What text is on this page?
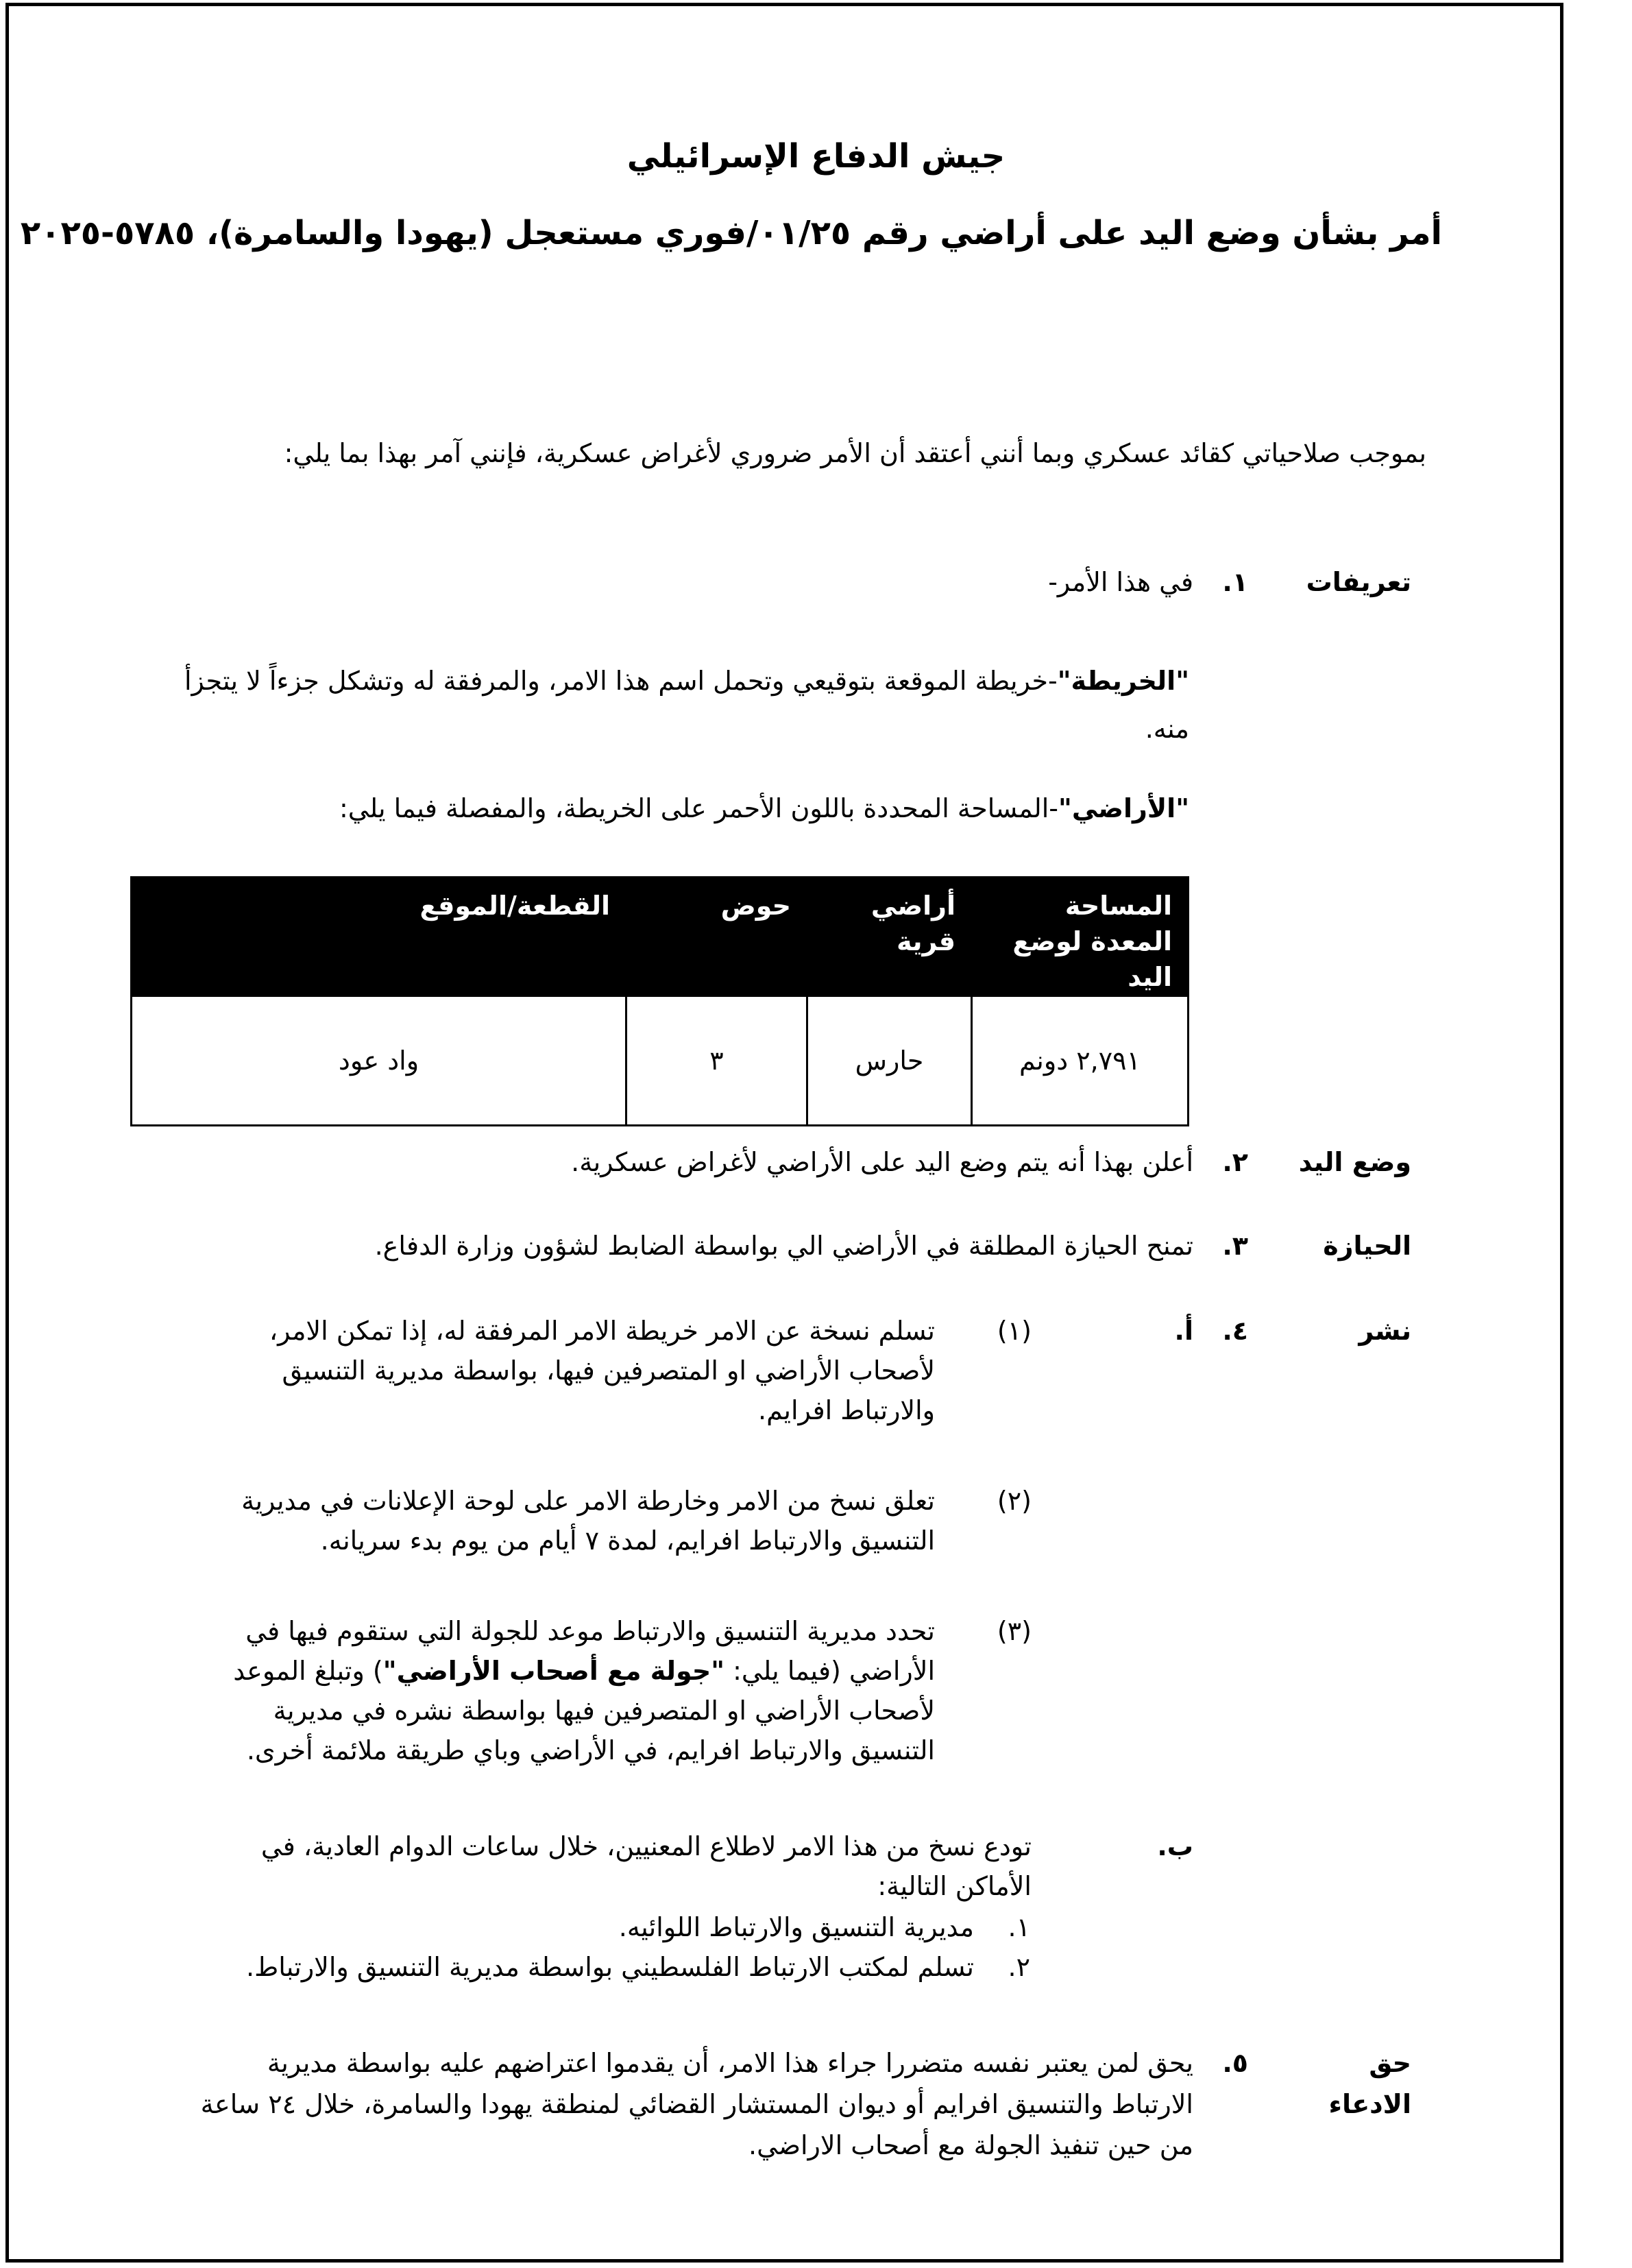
جيش الدفاع الإسرائيلي
أمر بشأن وضع اليد على أراضي رقم ٠١/٢٥/فوري مستعجل (يهودا والسامرة)، ٥٧٨٥-٢٠٢٥
بموجب صلاحياتي كقائد عسكري وبما أنني أعتقد أن الأمر ضروري لأغراض عسكرية، فإنني آمر بهذا بما يلي:
تعريفات
١.
في هذا الأمر-
"الخريطة"-خريطة الموقعة بتوقيعي وتحمل اسم هذا الامر، والمرفقة له وتشكل جزءاً لا يتجزأ
منه.
"الأراضي"-المساحة المحددة باللون الأحمر على الخريطة، والمفصلة فيما يلي:
المساحة المعدة لوضع اليد	أراضي قرية	حوض	القطعة/الموقع
٢,٧٩١ دونم	حارس	٣	واد عود
وضع اليد
٢.
أعلن بهذا أنه يتم وضع اليد على الأراضي لأغراض عسكرية.
الحيازة
٣.
تمنح الحيازة المطلقة في الأراضي الي بواسطة الضابط لشؤون وزارة الدفاع.
نشر
٤.
أ.
(١)
تسلم نسخة عن الامر خريطة الامر المرفقة له، إذا تمكن الامر،
لأصحاب الأراضي او المتصرفين فيها، بواسطة مديرية التنسيق
والارتباط افرايم.
(٢)
تعلق نسخ من الامر وخارطة الامر على لوحة الإعلانات في مديرية
التنسيق والارتباط افرايم، لمدة ٧ أيام من يوم بدء سريانه.
(٣)
تحدد مديرية التنسيق والارتباط موعد للجولة التي ستقوم فيها في
الأراضي (فيما يلي: "جولة مع أصحاب الأراضي") وتبلغ الموعد
لأصحاب الأراضي او المتصرفين فيها بواسطة نشره في مديرية
التنسيق والارتباط افرايم، في الأراضي وباي طريقة ملائمة أخرى.
ب.
تودع نسخ من هذا الامر لاطلاع المعنيين، خلال ساعات الدوام العادية، في
الأماكن التالية:
١.
مديرية التنسيق والارتباط اللوائيه.
٢.
تسلم لمكتب الارتباط الفلسطيني بواسطة مديرية التنسيق والارتباط.
حق
الادعاء
٥.
يحق لمن يعتبر نفسه متضررا جراء هذا الامر، أن يقدموا اعتراضهم عليه بواسطة مديرية
الارتباط والتنسيق افرايم أو ديوان المستشار القضائي لمنطقة يهودا والسامرة، خلال ٢٤ ساعة
من حين تنفيذ الجولة مع أصحاب الاراضي.
